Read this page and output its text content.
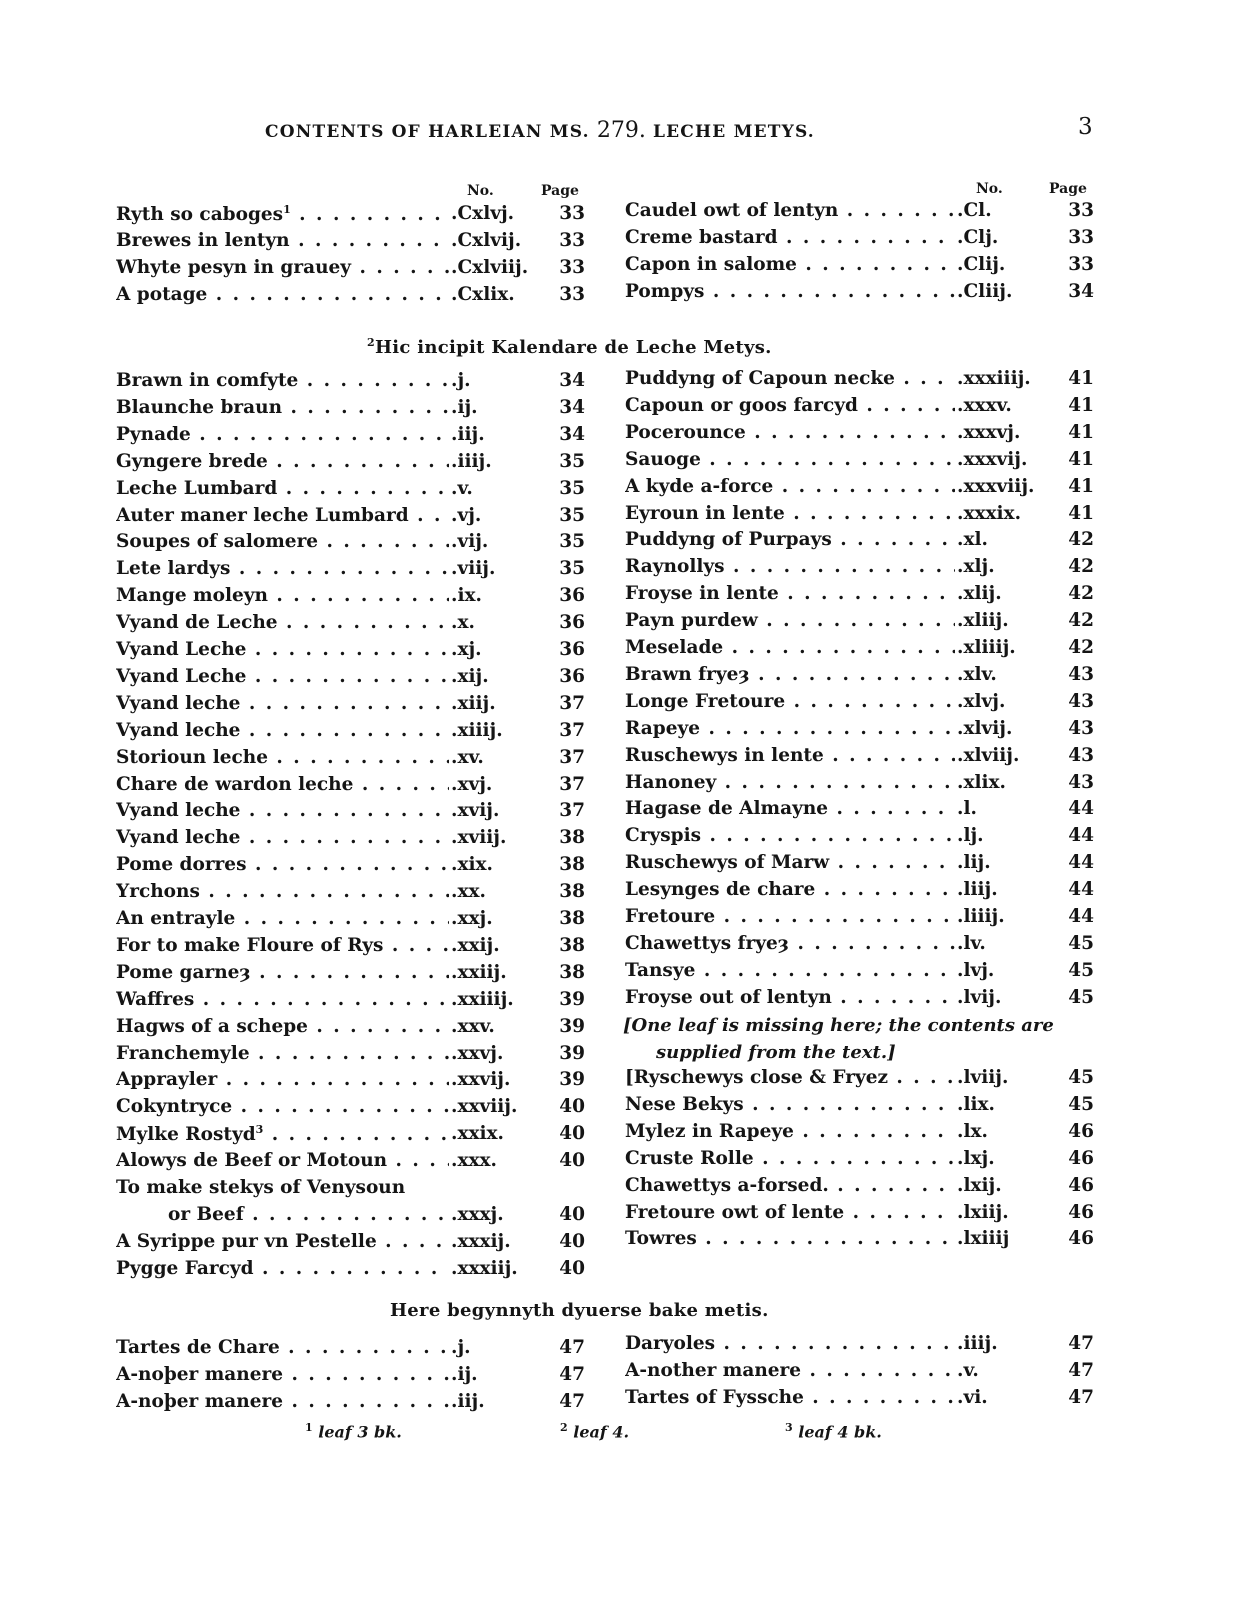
CONTENTS OF HARLEIAN MS. 279. LECHE METYS.	3
No.	Page	No.	Page
Ryth so caboges$^1$ . . .	.Cxlvj.	33
Brewes in lentyn . . .	.Cxlvij.	33
Whyte pesyn in grauey . . .	.Cxlviij.	33
A potage . . .	.Cxlix.	33
Caudel owt of lentyn . . .	.Cl.	33
Creme bastard . . .	.Clj.	33
Capon in salome . . .	.Clij.	33
Pompys . . .	.Cliij.	34
$^2$Hic incipit Kalendare de Leche Metys.
Brawn in comfyte . . .	.j.	34
Blaunche braun . . .	.ij.	34
Pynade . . .	.iij.	34
Gyngere brede . . .	.iiij.	35
Leche Lumbard . . .	.v.	35
Auter maner leche Lumbard . . .	.vj.	35
Soupes of salomere . . .	.vij.	35
Lete lardys . . .	.viij.	35
Mange moleyn . . .	.ix.	36
Vyand de Leche . . .	.x.	36
Vyand Leche . . .	.xj.	36
Vyand Leche . . .	.xij.	36
Vyand leche . . .	.xiij.	37
Vyand leche . . .	.xiiij.	37
Storioun leche . . .	.xv.	37
Chare de wardon leche . . .	.xvj.	37
Vyand leche . . .	.xvij.	37
Vyand leche . . .	.xviij.	38
Pome dorres . . .	.xix.	38
Yrchons . . .	.xx.	38
An entrayle . . .	.xxj.	38
For to make Floure of Rys . . .	.xxij.	38
Pome garneȝ . . .	.xxiij.	38
Waffres . . .	.xxiiij.	39
Hagws of a schepe . . .	.xxv.	39
Franchemyle . . .	.xxvj.	39
Apprayler . . .	.xxvij.	39
Cokyntryce . . .	.xxviij.	40
Mylke Rostyd$^3$ . . .	.xxix.	40
Alowys de Beef or Motoun . . .	.xxx.	40
To make stekys of Venysoun
or Beef . . .	.xxxj.	40
A Syrippe pur vn Pestelle . . .	.xxxij.	40
Pygge Farcyd . . .	.xxxiij.	40
Puddyng of Capoun necke . . .	.xxxiiij.	41
Capoun or goos farcyd . . .	.xxxv.	41
Pocerounce . . .	.xxxvj.	41
Sauoge . . .	.xxxvij.	41
A kyde a-force . . .	.xxxviij.	41
Eyroun in lente . . .	.xxxix.	41
Puddyng of Purpays . . .	.xl.	42
Raynollys . . .	.xlj.	42
Froyse in lente . . .	.xlij.	42
Payn purdew . . .	.xliij.	42
Meselade . . .	.xliiij.	42
Brawn fryeȝ . . .	.xlv.	43
Longe Fretoure . . .	.xlvj.	43
Rapeye . . .	.xlvij.	43
Ruschewys in lente . . .	.xlviij.	43
Hanoney . . .	.xlix.	43
Hagase de Almayne . . .	.l.	44
Cryspis . . .	.lj.	44
Ruschewys of Marw . . .	.lij.	44
Lesynges de chare . . .	.liij.	44
Fretoure . . .	.liiij.	44
Chawettys fryeȝ . . .	.lv.	45
Tansye . . .	.lvj.	45
Froyse out of lentyn . . .	.lvij.	45
[One leaf is missing here; the contents are
supplied from the text.]
[Ryschewys close & Fryez . . .	.lviij.	45
Nese Bekys . . .	.lix.	45
Mylez in Rapeye . . .	.lx.	46
Cruste Rolle . . .	.lxj.	46
Chawettys a-forsed. . . .	.lxij.	46
Fretoure owt of lente . . .	.lxiij.	46
Towres . . .	.lxiiij	46
Here begynnyth dyuerse bake metis.
Tartes de Chare . . .	.j.	47
A-noþer manere . . .	.ij.	47
A-noþer manere . . .	.iij.	47
Daryoles . . .	.iiij.	47
A-nother manere . . .	.v.	47
Tartes of Fyssche . . .	.vi.	47
$^1$ leaf 3 bk.	$^2$ leaf 4.	$^3$ leaf 4 bk.
